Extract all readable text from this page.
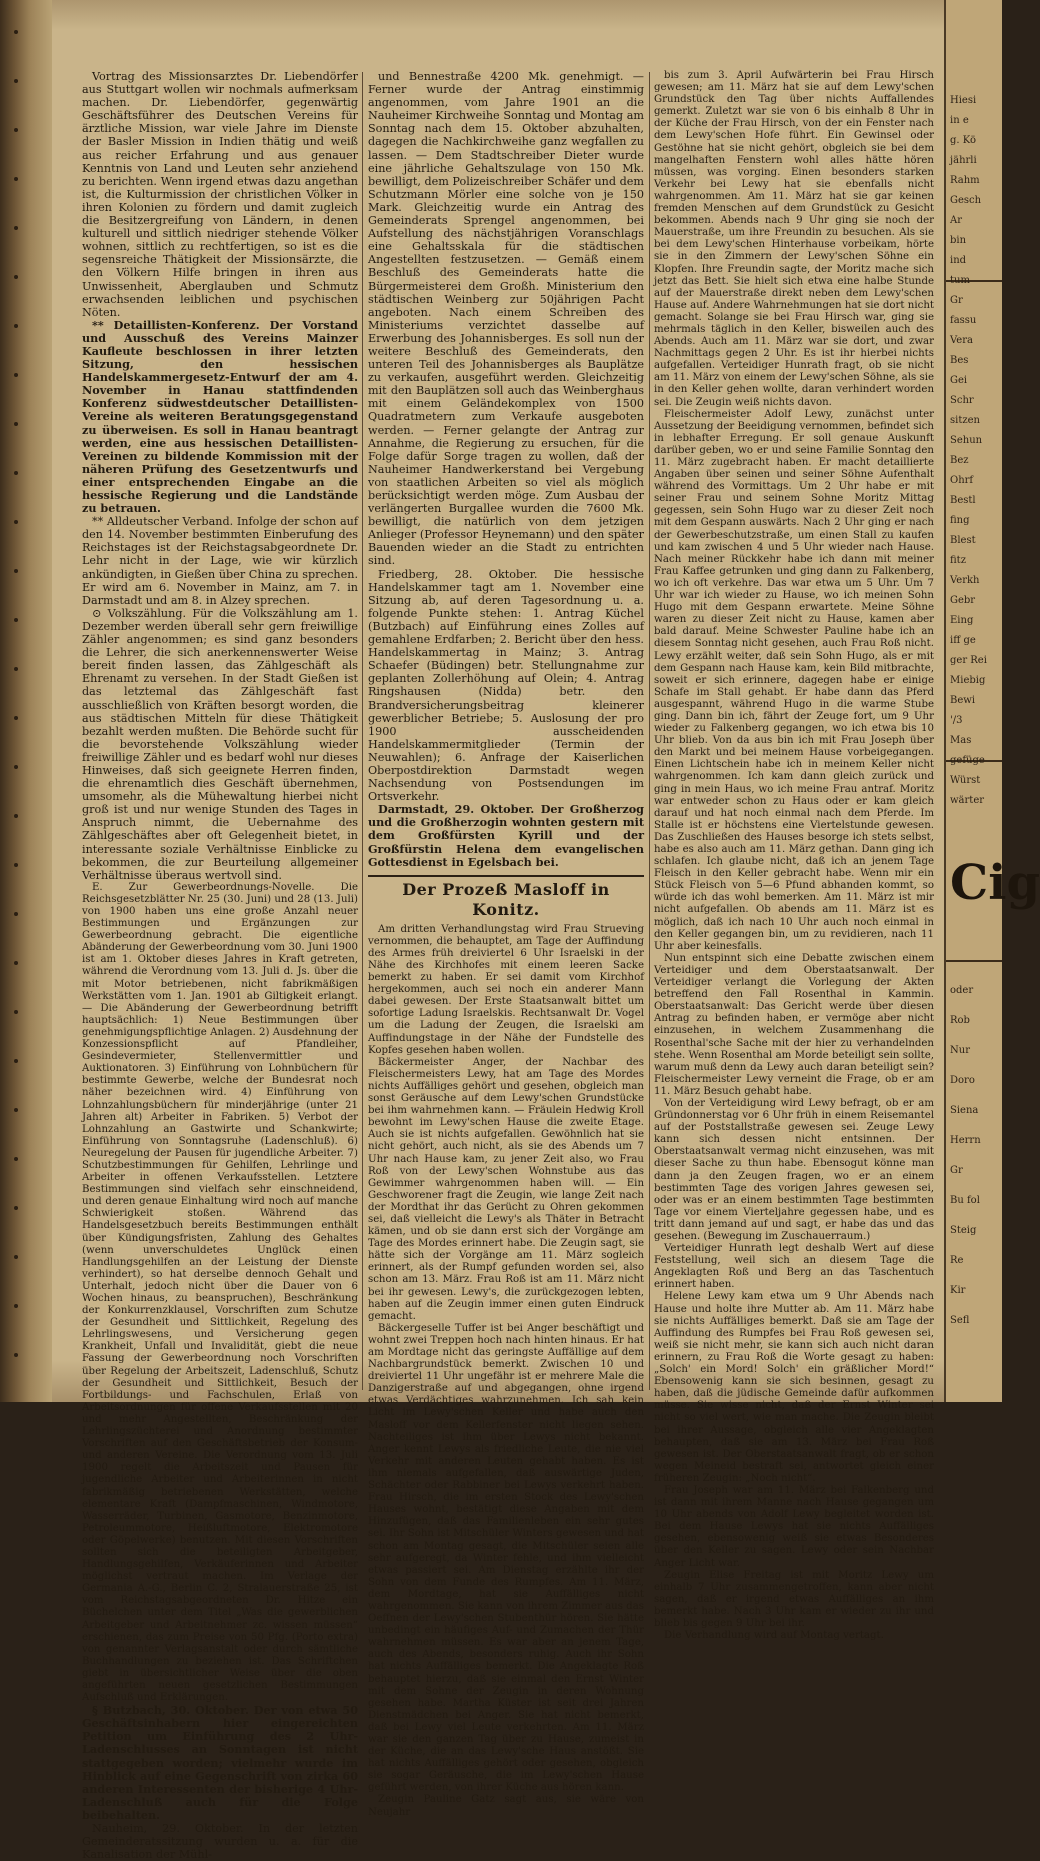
Vortrag des Missionsarztes Dr. Liebendörfer aus Stuttgart wollen wir nochmals aufmerksam machen. Dr. Liebendörfer, gegenwärtig Geschäftsführer des Deutschen Vereins für ärztliche Mission, war viele Jahre im Dienste der Basler Mission in Indien thätig und weiß aus reicher Erfahrung und aus genauer Kenntnis von Land und Leuten sehr anziehend zu berichten. Wenn irgend etwas dazu angethan ist, die Kulturmission der christlichen Völker in ihren Kolonien zu fördern und damit zugleich die Besitzergreifung von Ländern, in denen kulturell und sittlich niedriger stehende Völker wohnen, sittlich zu rechtfertigen, so ist es die segensreiche Thätigkeit der Missionsärzte, die den Völkern Hilfe bringen in ihren aus Unwissenheit, Aberglauben und Schmutz erwachsenden leiblichen und psychischen Nöten.

** Detaillisten-Konferenz. Der Vorstand und Ausschuß des Vereins Mainzer Kaufleute beschlossen in ihrer letzten Sitzung, den hessischen Handelskammergesetz-Entwurf der am 4. November in Hanau stattfindenden Konferenz südwestdeutscher Detaillisten-Vereine als weiteren Beratungsgegenstand zu überweisen. Es soll in Hanau beantragt werden, eine aus hessischen Detaillisten-Vereinen zu bildende Kommission mit der näheren Prüfung des Gesetzentwurfs und einer entsprechenden Eingabe an die hessische Regierung und die Landstände zu betrauen.

** Alldeutscher Verband. Infolge der schon auf den 14. November bestimmten Einberufung des Reichstages ist der Reichstagsabgeordnete Dr. Lehr nicht in der Lage, wie wir kürzlich ankündigten, in Gießen über China zu sprechen. Er wird am 6. November in Mainz, am 7. in Darmstadt und am 8. in Alzey sprechen.

⊙ Volkszählung. Für die Volkszählung am 1. Dezember werden überall sehr gern freiwillige Zähler angenommen; es sind ganz besonders die Lehrer, die sich anerkennenswerter Weise bereit finden lassen, das Zählgeschäft als Ehrenamt zu versehen. In der Stadt Gießen ist das letztemal das Zählgeschäft fast ausschließlich von Kräften besorgt worden, die aus städtischen Mitteln für diese Thätigkeit bezahlt werden mußten. Die Behörde sucht für die bevorstehende Volkszählung wieder freiwillige Zähler und es bedarf wohl nur dieses Hinweises, daß sich geeignete Herren finden, die ehrenamtlich dies Geschäft übernehmen, umsomehr, als die Mühewaltung hierbei nicht groß ist und nur wenige Stunden des Tages in Anspruch nimmt, die Uebernahme des Zählgeschäftes aber oft Gelegenheit bietet, in interessante soziale Verhältnisse Einblicke zu bekommen, die zur Beurteilung allgemeiner Verhältnisse überaus wertvoll sind.

E. Zur Gewerbeordnungs-Novelle. Die Reichsgesetzblätter Nr. 25 (30. Juni) und 28 (13. Juli) von 1900 haben uns eine große Anzahl neuer Bestimmungen und Ergänzungen zur Gewerbeordnung gebracht. Die eigentliche Abänderung der Gewerbeordnung vom 30. Juni 1900 ist am 1. Oktober dieses Jahres in Kraft getreten, während die Verordnung vom 13. Juli d. Js. über die mit Motor betriebenen, nicht fabrikmäßigen Werkstätten vom 1. Jan. 1901 ab Giltigkeit erlangt. — Die Abänderung der Gewerbeordnung betrifft hauptsächlich: 1) Neue Bestimmungen über genehmigungspflichtige Anlagen. 2) Ausdehnung der Konzessionspflicht auf Pfandleiher, Gesindevermieter, Stellenvermittler und Auktionatoren. 3) Einführung von Lohnbüchern für bestimmte Gewerbe, welche der Bundesrat noch näher bezeichnen wird. 4) Einführung von Lohnzahlungsbüchern für minderjährige (unter 21 Jahren alt) Arbeiter in Fabriken. 5) Verbot der Lohnzahlung an Gastwirte und Schankwirte; Einführung von Sonntagsruhe (Ladenschluß). 6) Neuregelung der Pausen für jugendliche Arbeiter. 7) Schutzbestimmungen für Gehilfen, Lehrlinge und Arbeiter in offenen Verkaufsstellen. Letztere Bestimmungen sind vielfach sehr einschneidend, und deren genaue Einhaltung wird noch auf manche Schwierigkeit stoßen. Während das Handelsgesetzbuch bereits Bestimmungen enthält über Kündigungsfristen, Zahlung des Gehaltes (wenn unverschuldetes Unglück einen Handlungsgehilfen an der Leistung der Dienste verhindert), so hat derselbe dennoch Gehalt und Unterhalt, jedoch nicht über die Dauer von 6 Wochen hinaus, zu beanspruchen), Beschränkung der Konkurrenzklausel, Vorschriften zum Schutze der Gesundheit und Sittlichkeit, Regelung des Lehrlingswesens, und Versicherung gegen Krankheit, Unfall und Invalidität, giebt die neue Fassung der Gewerbeordnung noch Vorschriften über Regelung der Arbeitszeit, Ladenschluß, Schutz der Gesundheit und Sittlichkeit, Besuch der Fortbildungs- und Fachschulen, Erlaß von Arbeitsordnungen für offene Verkaufsstellen mit 20 und mehr Angestellten, Beschränkung der Lehrlingszüchterei und Anordnung bestimmter Vorschriften auf den Geschäftsbetrieb der Konsum- und anderen Vereine. Die Verordnung vom 13. Juli 1900 regelt die Arbeitszeit und Pausen für jugendliche Arbeiter und Arbeiterinnen in nicht fabrikmäßig betriebenen Werkstätten, welche elementare Kraft (Dampfmaschinen, Windmotore, Wasserräder, Turbinen, Gasmotore, Benzinmotore, Petroleummotore, Heißluftmotore, Elektromotore oder Göpelwerke) benutzen. Mit diesen Vorschriften sollten sich die beteiligten Arbeitgeber, Handlungsgehilfen, Verkäuferinnen und Arbeiter möglichst vertraut machen. Im Verlage der Germania A.-G., Berlin C. 2, Stralauerstraße 25, ist vom Reichstagsabgeordneten Dr. Hitze ein Büchelchen unter dem Titel „Was die gewerblichen Arbeitgeber und Arbeitnehmer zc. wissen müssen“ erschienen, das zum Preise von 50 Pfg. (Porto extra) von genannter Verlagsanstalt oder durch sämtliche Buchhandlungen zu beziehen ist. Das Schriftchen giebt in übersichtlicher Weise über die oben angeführten neuen gesetzlichen Bestimmungen Aufschluß und Erklärungen.

§ Butzbach, 30. Oktober. Der von etwa 50 Geschäftsinhabern hier eingereichten Petition um Einführung des 2 Uhr-Ladenschlusses an Sonntagen ist nicht stattgegeben worden; vielmehr wurde im Hinblick auf eine Gegenschrift von zirka 60 anderen Interessenten der bisherige 4 Uhr-Ladenschluß auch für die Folge beibehalten.

Nauheim, 29. Oktober. In der letzten Gemeinderatssitzung wurden u. a. für die Kanalisation der Mühl-

und Bennestraße 4200 Mk. genehmigt. — Ferner wurde der Antrag einstimmig angenommen, vom Jahre 1901 an die Nauheimer Kirchweihe Sonntag und Montag am Sonntag nach dem 15. Oktober abzuhalten, dagegen die Nachkirchweihe ganz wegfallen zu lassen. — Dem Stadtschreiber Dieter wurde eine jährliche Gehaltszulage von 150 Mk. bewilligt, dem Polizeischreiber Schäfer und dem Schutzmann Mörler eine solche von je 150 Mark. Gleichzeitig wurde ein Antrag des Gemeinderats Sprengel angenommen, bei Aufstellung des nächstjährigen Voranschlags eine Gehaltsskala für die städtischen Angestellten festzusetzen. — Gemäß einem Beschluß des Gemeinderats hatte die Bürgermeisterei dem Großh. Ministerium den städtischen Weinberg zur 50jährigen Pacht angeboten. Nach einem Schreiben des Ministeriums verzichtet dasselbe auf Erwerbung des Johannisberges. Es soll nun der weitere Beschluß des Gemeinderats, den unteren Teil des Johannisberges als Bauplätze zu verkaufen, ausgeführt werden. Gleichzeitig mit den Bauplätzen soll auch das Weinberghaus mit einem Geländekomplex von 1500 Quadratmetern zum Verkaufe ausgeboten werden. — Ferner gelangte der Antrag zur Annahme, die Regierung zu ersuchen, für die Folge dafür Sorge tragen zu wollen, daß der Nauheimer Handwerkerstand bei Vergebung von staatlichen Arbeiten so viel als möglich berücksichtigt werden möge. Zum Ausbau der verlängerten Burgallee wurden die 7600 Mk. bewilligt, die natürlich von dem jetzigen Anlieger (Professor Heynemann) und den später Bauenden wieder an die Stadt zu entrichten sind.

Friedberg, 28. Oktober. Die hessische Handelskammer tagt am 1. November eine Sitzung ab, auf deren Tagesordnung u. a. folgende Punkte stehen: 1. Antrag Küchel (Butzbach) auf Einführung eines Zolles auf gemahlene Erdfarben; 2. Bericht über den hess. Handelskammertag in Mainz; 3. Antrag Schaefer (Büdingen) betr. Stellungnahme zur geplanten Zollerhöhung auf Olein; 4. Antrag Ringshausen (Nidda) betr. den Brandversicherungsbeitrag kleinerer gewerblicher Betriebe; 5. Auslosung der pro 1900 ausscheidenden Handelskammermitglieder (Termin der Neuwahlen); 6. Anfrage der Kaiserlichen Oberpostdirektion Darmstadt wegen Nachsendung von Postsendungen im Ortsverkehr.

Darmstadt, 29. Oktober. Der Großherzog und die Großherzogin wohnten gestern mit dem Großfürsten Kyrill und der Großfürstin Helena dem evangelischen Gottesdienst in Egelsbach bei.

Der Prozeß Masloff in Konitz.

Am dritten Verhandlungstag wird Frau Strueving vernommen, die behauptet, am Tage der Auffindung des Armes früh dreiviertel 6 Uhr Israelski in der Nähe des Kirchhofes mit einem leeren Sacke bemerkt zu haben. Er sei damit vom Kirchhof hergekommen, auch sei noch ein anderer Mann dabei gewesen. Der Erste Staatsanwalt bittet um sofortige Ladung Israelskis. Rechtsanwalt Dr. Vogel um die Ladung der Zeugen, die Israelski am Auffindungstage in der Nähe der Fundstelle des Kopfes gesehen haben wollen.

Bäckermeister Anger, der Nachbar des Fleischermeisters Lewy, hat am Tage des Mordes nichts Auffälliges gehört und gesehen, obgleich man sonst Geräusche auf dem Lewy'schen Grundstücke bei ihm wahrnehmen kann. — Fräulein Hedwig Kroll bewohnt im Lewy'schen Hause die zweite Etage. Auch sie ist nichts aufgefallen. Gewöhnlich hat sie nicht gehört, auch nicht, als sie des Abends um 7 Uhr nach Hause kam, zu jener Zeit also, wo Frau Roß von der Lewy'schen Wohnstube aus das Gewimmer wahrgenommen haben will. — Ein Geschworener fragt die Zeugin, wie lange Zeit nach der Mordthat ihr das Gerücht zu Ohren gekommen sei, daß vielleicht die Lewy's als Thäter in Betracht kämen, und ob sie dann erst sich der Vorgänge am Tage des Mordes erinnert habe. Die Zeugin sagt, sie hätte sich der Vorgänge am 11. März sogleich erinnert, als der Rumpf gefunden worden sei, also schon am 13. März. Frau Roß ist am 11. März nicht bei ihr gewesen. Lewy's, die zurückgezogen lebten, haben auf die Zeugin immer einen guten Eindruck gemacht.

Bäckergeselle Tuffer ist bei Anger beschäftigt und wohnt zwei Treppen hoch nach hinten hinaus. Er hat am Mordtage nicht das geringste Auffällige auf dem Nachbargrundstück bemerkt. Zwischen 10 und dreiviertel 11 Uhr ungefähr ist er mehrere Male die Danzigerstraße auf und abgegangen, ohne irgend etwas Verdächtiges wahrzunehmen. Ich sah kein Licht im Lewy'schen Keller und habe auch den Masloff vor dem Kellerfenster nicht liegen sehen. Nachteiliges ist ihm über Lewys nicht bekannt. Anger kennt Lewys als friedliche Leute, die nie viel Verkehr mit anderen Leuten gehabt haben. Es ist ihm niemals aufgefallen, daß auswärtige Juden, Schächter oder Rabbiner bei Lewys verkehrt haben. Frau Hirsch, die im ersten Stock des Lewy'schen Hauses wohnt, bestätigt diese Angaben mit dem Hinzufügen, daß das Familienleben ein sehr gutes sei. Ihr Sohn ist Mitschüler Winters gewesen und hat schon am Montag gesagt, die Mitschüler seien alle sehr aufgeregt, da Winter fehle, und ihm vielleicht etwas passiert sei. Am Dienstag erzählte ihr der Sohn von dem Funde des Rumpfes. Am 11. März, dem Mordtage, hat sie Auffälliges nicht wahrgenommen. Sie kann von ihrem Zimmer aus das Oeffnen der Lewy'schen Stubenthür hören. Sie hätte unbedingt ein häufiges Auf- und Zumachen der Thür wahrnehmen müssen. Es war aber an jenem Tage, auch des Abends, besonders ruhig. Auch ihr Sohn hat nichts Auffälliges bemerkt. Die Angeklagte Roß behauptet hierzu, daß sie einmal den Ernst Winter mit dem Sohne der Zeugin in deren Wohnung gesehen habe. Martha Küster ist seit drei Jahren Dienstmädchen bei Anger. Sie hat nicht bemerkt, daß bei Lewy viel Leute verkehrten. Am 11. März war sie den ganzen Tag über zu Hause, zumeist in der Küche, die an das Lewy'sche Haus anstößt. Sie hat nichts Auffälliges gehört oder gesehen, obgleich sie sogar Geräusche, die im Lewy'schen Hause geführt werden, von ihrer Küche aus hören kann.

Zeugin Pauline Gatz sagt aus, sie wäre von Neujahr

bis zum 3. April Aufwärterin bei Frau Hirsch gewesen; am 11. März hat sie auf dem Lewy'schen Grundstück den Tag über nichts Auffallendes gemerkt. Zuletzt war sie von 6 bis einhalb 8 Uhr in der Küche der Frau Hirsch, von der ein Fenster nach dem Lewy'schen Hofe führt. Ein Gewinsel oder Gestöhne hat sie nicht gehört, obgleich sie bei dem mangelhaften Fenstern wohl alles hätte hören müssen, was vorging. Einen besonders starken Verkehr bei Lewy hat sie ebenfalls nicht wahrgenommen. Am 11. März hat sie gar keinen fremden Menschen auf dem Grundstück zu Gesicht bekommen. Abends nach 9 Uhr ging sie noch der Mauerstraße, um ihre Freundin zu besuchen. Als sie bei dem Lewy'schen Hinterhause vorbeikam, hörte sie in den Zimmern der Lewy'schen Söhne ein Klopfen. Ihre Freundin sagte, der Moritz mache sich jetzt das Bett. Sie hielt sich etwa eine halbe Stunde auf der Mauerstraße direkt neben dem Lewy'schen Hause auf. Andere Wahrnehmungen hat sie dort nicht gemacht. Solange sie bei Frau Hirsch war, ging sie mehrmals täglich in den Keller, bisweilen auch des Abends. Auch am 11. März war sie dort, und zwar Nachmittags gegen 2 Uhr. Es ist ihr hierbei nichts aufgefallen. Verteidiger Hunrath fragt, ob sie nicht am 11. März von einem der Lewy'schen Söhne, als sie in den Keller gehen wollte, daran verhindert worden sei. Die Zeugin weiß nichts davon.

Fleischermeister Adolf Lewy, zunächst unter Aussetzung der Beeidigung vernommen, befindet sich in lebhafter Erregung. Er soll genaue Auskunft darüber geben, wo er und seine Familie Sonntag den 11. März zugebracht haben. Er macht detaillierte Angaben über seinen und seiner Söhne Aufenthalt während des Vormittags. Um 2 Uhr habe er mit seiner Frau und seinem Sohne Moritz Mittag gegessen, sein Sohn Hugo war zu dieser Zeit noch mit dem Gespann auswärts. Nach 2 Uhr ging er nach der Gewerbeschutzstraße, um einen Stall zu kaufen und kam zwischen 4 und 5 Uhr wieder nach Hause. Nach meiner Rückkehr habe ich dann mit meiner Frau Kaffee getrunken und ging dann zu Falkenberg, wo ich oft verkehre. Das war etwa um 5 Uhr. Um 7 Uhr war ich wieder zu Hause, wo ich meinen Sohn Hugo mit dem Gespann erwartete. Meine Söhne waren zu dieser Zeit nicht zu Hause, kamen aber bald darauf. Meine Schwester Pauline habe ich an diesem Sonntag nicht gesehen, auch Frau Roß nicht. Lewy erzählt weiter, daß sein Sohn Hugo, als er mit dem Gespann nach Hause kam, kein Bild mitbrachte, soweit er sich erinnere, dagegen habe er einige Schafe im Stall gehabt. Er habe dann das Pferd ausgespannt, während Hugo in die warme Stube ging. Dann bin ich, fährt der Zeuge fort, um 9 Uhr wieder zu Falkenberg gegangen, wo ich etwa bis 10 Uhr blieb. Von da aus bin ich mit Frau Joseph über den Markt und bei meinem Hause vorbeigegangen. Einen Lichtschein habe ich in meinem Keller nicht wahrgenommen. Ich kam dann gleich zurück und ging in mein Haus, wo ich meine Frau antraf. Moritz war entweder schon zu Haus oder er kam gleich darauf und hat noch einmal nach dem Pferde. Im Stalle ist er höchstens eine Viertelstunde gewesen. Das Zuschließen des Hauses besorge ich stets selbst, habe es also auch am 11. März gethan. Dann ging ich schlafen. Ich glaube nicht, daß ich an jenem Tage Fleisch in den Keller gebracht habe. Wenn mir ein Stück Fleisch von 5—6 Pfund abhanden kommt, so würde ich das wohl bemerken. Am 11. März ist mir nicht aufgefallen. Ob abends am 11. März ist es möglich, daß ich nach 10 Uhr auch noch einmal in den Keller gegangen bin, um zu revidieren, nach 11 Uhr aber keinesfalls.

Nun entspinnt sich eine Debatte zwischen einem Verteidiger und dem Oberstaatsanwalt. Der Verteidiger verlangt die Vorlegung der Akten betreffend den Fall Rosenthal in Kammin. Oberstaatsanwalt: Das Gericht werde über diesen Antrag zu befinden haben, er vermöge aber nicht einzusehen, in welchem Zusammenhang die Rosenthal'sche Sache mit der hier zu verhandelnden stehe. Wenn Rosenthal am Morde beteiligt sein sollte, warum muß denn da Lewy auch daran beteiligt sein? Fleischermeister Lewy verneint die Frage, ob er am 11. März Besuch gehabt habe.

Von der Verteidigung wird Lewy befragt, ob er am Gründonnerstag vor 6 Uhr früh in einem Reisemantel auf der Poststallstraße gewesen sei. Zeuge Lewy kann sich dessen nicht entsinnen. Der Oberstaatsanwalt vermag nicht einzusehen, was mit dieser Sache zu thun habe. Ebensogut könne man dann ja den Zeugen fragen, wo er an einem bestimmten Tage des vorigen Jahres gewesen sei, oder was er an einem bestimmten Tage bestimmten Tage vor einem Vierteljahre gegessen habe, und es tritt dann jemand auf und sagt, er habe das und das gesehen. (Bewegung im Zuschauerraum.)

Verteidiger Hunrath legt deshalb Wert auf diese Feststellung, weil sich an diesem Tage die Angeklagten Roß und Berg an das Taschentuch erinnert haben.

Helene Lewy kam etwa um 9 Uhr Abends nach Hause und holte ihre Mutter ab. Am 11. März habe sie nichts Auffälliges bemerkt. Daß sie am Tage der Auffindung des Rumpfes bei Frau Roß gewesen sei, weiß sie nicht mehr, sie kann sich auch nicht daran erinnern, zu Frau Roß die Worte gesagt zu haben: „Solch' ein Mord! Solch' ein gräßlicher Mord!“ Ebensowenig kann sie sich besinnen, gesagt zu haben, daß die jüdische Gemeinde dafür aufkommen müsse. Sie wisse nicht, daß der Ernst Winter sei nicht so viel wert, wie man mache. Die Zeugin bleibt bei ihrer Aussage, obgleich alle vier Angeklagten behaupten, daß sie am 13. März bei Frau Roß gewesen ist. Der Oberstaatsanwalt fragt, ob er schon wegen Meineid bestraft sei, antwortet gleich einer früheren Zeugin: „Noch nicht“.

Frau Joseph war am 11. März bei Falkenberg und ist dann mit ihrem Manne nach Hause gegangen um 10 Uhr abends von Adolf Lewy begleitet worden ist. Bei dem Hause Lewys hat sie nichts Auffälliges gesehen, ebensowenig weiß sie etwas Besonderes über den Keller zu sagen. Lewy oder sein Nachbar Anger Licht war.

Zeugin Elise Freitag ist mit Moritz Lewy um einhalb 7 Uhr zusammengetroffen, kann aber nicht sagen, daß er irgend etwas Auffälliges an ihm bemerkt habe. Nach 3 Uhr kam er wieder zu ihr und blieb bis gegen 9 Uhr bei ihr.

Die Verhandlung wird auf Montag vertagt.

Cig
Hiesi
in e
g. Kö
jährli
Rahm
Gesch
Ar
bin
ind
tum
Gr
fassu
Vera
Bes
Gei
Schr
sitzen
Sehun
Bez
Ohrf
Bestl
fing
Blest
fitz
Verkh
Gebr
Eing
iff ge
ger Rei
Miebig
Bewi
'/3
Mas
gefüge
Würst
wärter
oder
Rob
Nur
Doro
Siena
Herrn
Gr
Bu fol
Steig
Re
Kir
Sefl
